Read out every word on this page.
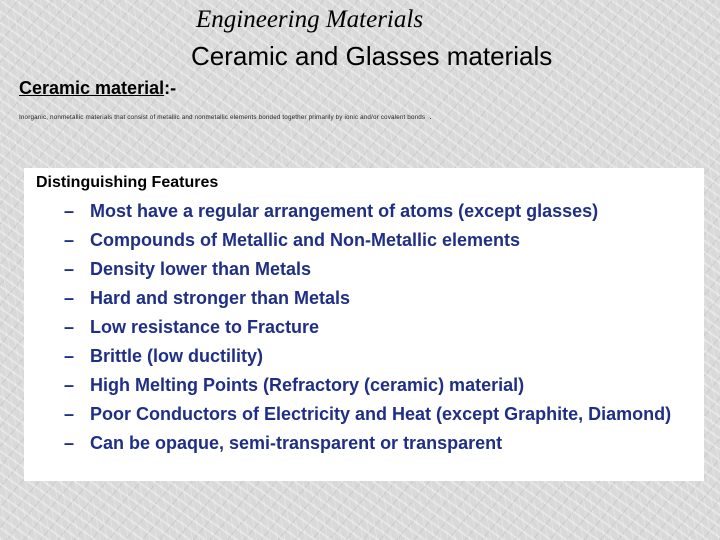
Engineering Materials
Ceramic and Glasses materials
Ceramic material:-
Inorganic, nonmetallic materials that consist of metallic and nonmetallic elements bonded together primarily by ionic and/or covalent bonds .
Distinguishing Features
– Most have a regular arrangement of atoms (except glasses)
– Compounds of Metallic and Non-Metallic elements
– Density lower than Metals
– Hard and stronger than Metals
– Low resistance to Fracture
– Brittle (low ductility)
– High Melting Points (Refractory (ceramic) material)
– Poor Conductors of Electricity and Heat (except Graphite, Diamond)
– Can be opaque, semi-transparent or transparent
